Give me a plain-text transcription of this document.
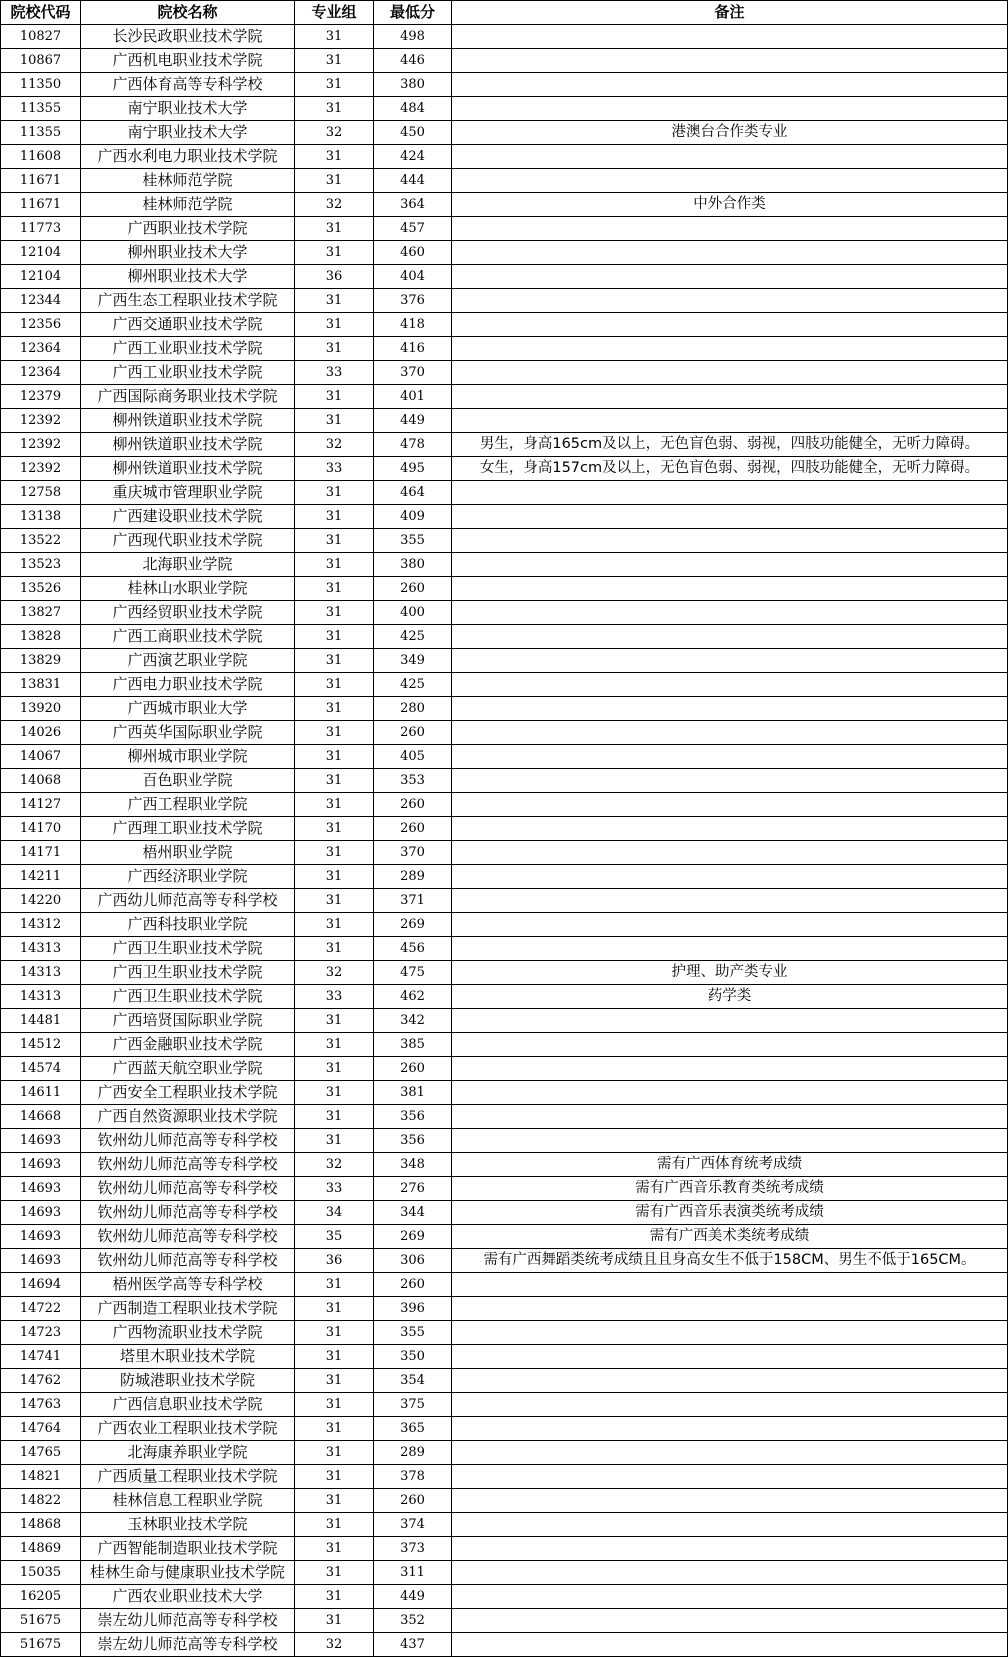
院校代码	院校名称	专业组	最低分	备注
10827	长沙民政职业技术学院	31	498	
10867	广西机电职业技术学院	31	446	
11350	广西体育高等专科学校	31	380	
11355	南宁职业技术大学	31	484	
11355	南宁职业技术大学	32	450	港澳台合作类专业
11608	广西水利电力职业技术学院	31	424	
11671	桂林师范学院	31	444	
11671	桂林师范学院	32	364	中外合作类
11773	广西职业技术学院	31	457	
12104	柳州职业技术大学	31	460	
12104	柳州职业技术大学	36	404	
12344	广西生态工程职业技术学院	31	376	
12356	广西交通职业技术学院	31	418	
12364	广西工业职业技术学院	31	416	
12364	广西工业职业技术学院	33	370	
12379	广西国际商务职业技术学院	31	401	
12392	柳州铁道职业技术学院	31	449	
12392	柳州铁道职业技术学院	32	478	男生，身高165cm及以上，无色盲色弱、弱视，四肢功能健全，无听力障碍。
12392	柳州铁道职业技术学院	33	495	女生，身高157cm及以上，无色盲色弱、弱视，四肢功能健全，无听力障碍。
12758	重庆城市管理职业学院	31	464	
13138	广西建设职业技术学院	31	409	
13522	广西现代职业技术学院	31	355	
13523	北海职业学院	31	380	
13526	桂林山水职业学院	31	260	
13827	广西经贸职业技术学院	31	400	
13828	广西工商职业技术学院	31	425	
13829	广西演艺职业学院	31	349	
13831	广西电力职业技术学院	31	425	
13920	广西城市职业大学	31	280	
14026	广西英华国际职业学院	31	260	
14067	柳州城市职业学院	31	405	
14068	百色职业学院	31	353	
14127	广西工程职业学院	31	260	
14170	广西理工职业技术学院	31	260	
14171	梧州职业学院	31	370	
14211	广西经济职业学院	31	289	
14220	广西幼儿师范高等专科学校	31	371	
14312	广西科技职业学院	31	269	
14313	广西卫生职业技术学院	31	456	
14313	广西卫生职业技术学院	32	475	护理、助产类专业
14313	广西卫生职业技术学院	33	462	药学类
14481	广西培贤国际职业学院	31	342	
14512	广西金融职业技术学院	31	385	
14574	广西蓝天航空职业学院	31	260	
14611	广西安全工程职业技术学院	31	381	
14668	广西自然资源职业技术学院	31	356	
14693	钦州幼儿师范高等专科学校	31	356	
14693	钦州幼儿师范高等专科学校	32	348	需有广西体育统考成绩
14693	钦州幼儿师范高等专科学校	33	276	需有广西音乐教育类统考成绩
14693	钦州幼儿师范高等专科学校	34	344	需有广西音乐表演类统考成绩
14693	钦州幼儿师范高等专科学校	35	269	需有广西美术类统考成绩
14693	钦州幼儿师范高等专科学校	36	306	需有广西舞蹈类统考成绩且且身高女生不低于158CM、男生不低于165CM。
14694	梧州医学高等专科学校	31	260	
14722	广西制造工程职业技术学院	31	396	
14723	广西物流职业技术学院	31	355	
14741	塔里木职业技术学院	31	350	
14762	防城港职业技术学院	31	354	
14763	广西信息职业技术学院	31	375	
14764	广西农业工程职业技术学院	31	365	
14765	北海康养职业学院	31	289	
14821	广西质量工程职业技术学院	31	378	
14822	桂林信息工程职业学院	31	260	
14868	玉林职业技术学院	31	374	
14869	广西智能制造职业技术学院	31	373	
15035	桂林生命与健康职业技术学院	31	311	
16205	广西农业职业技术大学	31	449	
51675	崇左幼儿师范高等专科学校	31	352	
51675	崇左幼儿师范高等专科学校	32	437	
